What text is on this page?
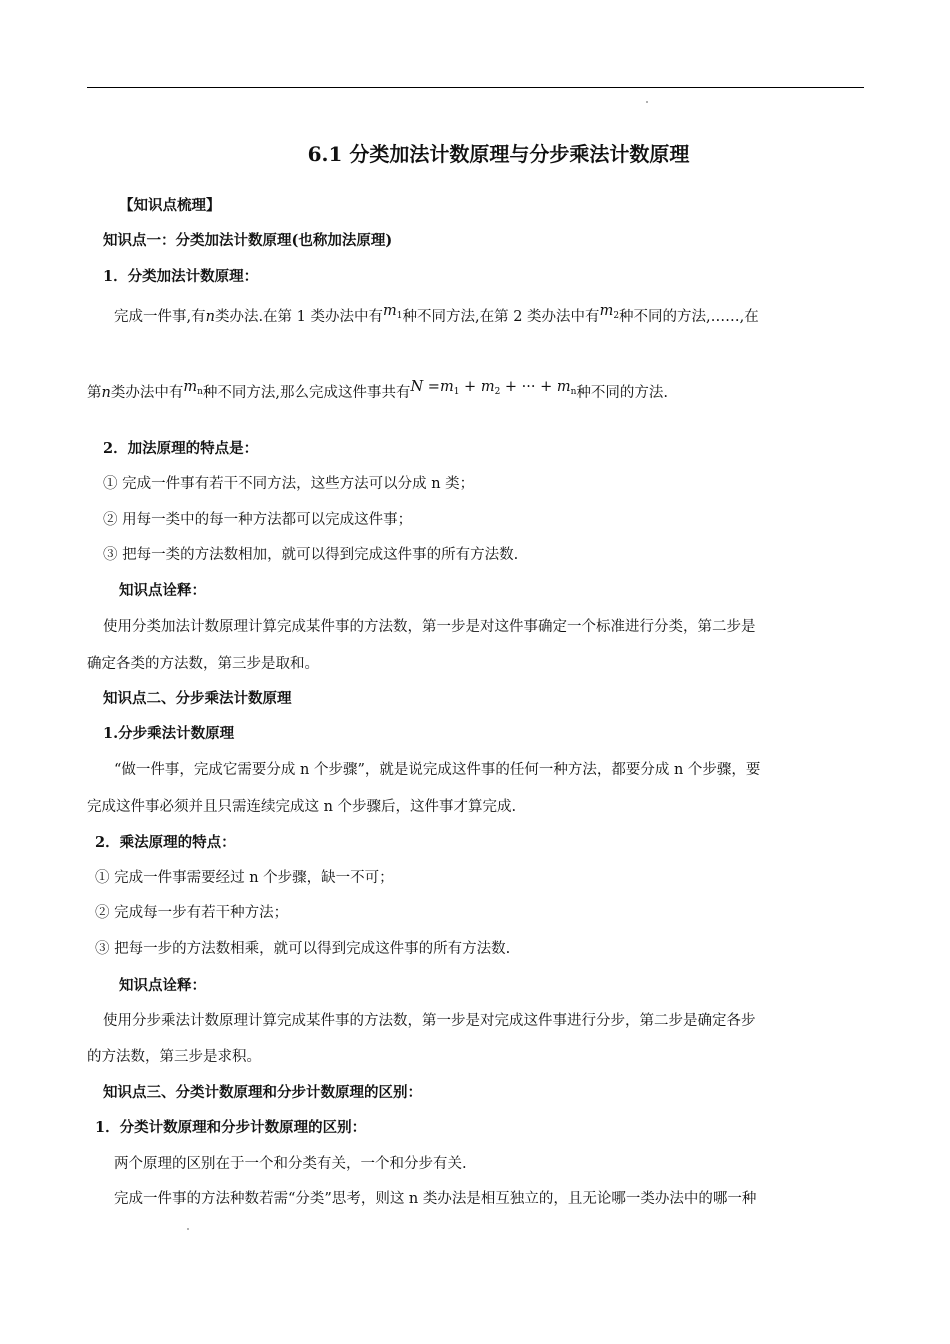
6.1 分类加法计数原理与分步乘法计数原理
【知识点梳理】
知识点一：分类加法计数原理(也称加法原理)
1．分类加法计数原理：
完成一件事,有n类办法.在第 1 类办法中有$m_1$种不同方法,在第 2 类办法中有$m_2$种不同的方法,……,在
第n类办法中有$m_n$种不同方法,那么完成这件事共有$N =m_1 + m_2$ + ··· + $m_n$种不同的方法.
2．加法原理的特点是：
① 完成一件事有若干不同方法，这些方法可以分成 n 类；
② 用每一类中的每一种方法都可以完成这件事；
③ 把每一类的方法数相加，就可以得到完成这件事的所有方法数.
知识点诠释：
使用分类加法计数原理计算完成某件事的方法数，第一步是对这件事确定一个标准进行分类，第二步是
确定各类的方法数，第三步是取和。
知识点二、分步乘法计数原理
1.分步乘法计数原理
“做一件事，完成它需要分成 n 个步骤”，就是说完成这件事的任何一种方法，都要分成 n 个步骤，要
完成这件事必须并且只需连续完成这 n 个步骤后，这件事才算完成.
2．乘法原理的特点：
① 完成一件事需要经过 n 个步骤，缺一不可；
② 完成每一步有若干种方法；
③ 把每一步的方法数相乘，就可以得到完成这件事的所有方法数.
知识点诠释：
使用分步乘法计数原理计算完成某件事的方法数，第一步是对完成这件事进行分步，第二步是确定各步
的方法数，第三步是求积。
知识点三、分类计数原理和分步计数原理的区别：
1．分类计数原理和分步计数原理的区别：
两个原理的区别在于一个和分类有关，一个和分步有关.
完成一件事的方法种数若需“分类”思考，则这 n 类办法是相互独立的，且无论哪一类办法中的哪一种
